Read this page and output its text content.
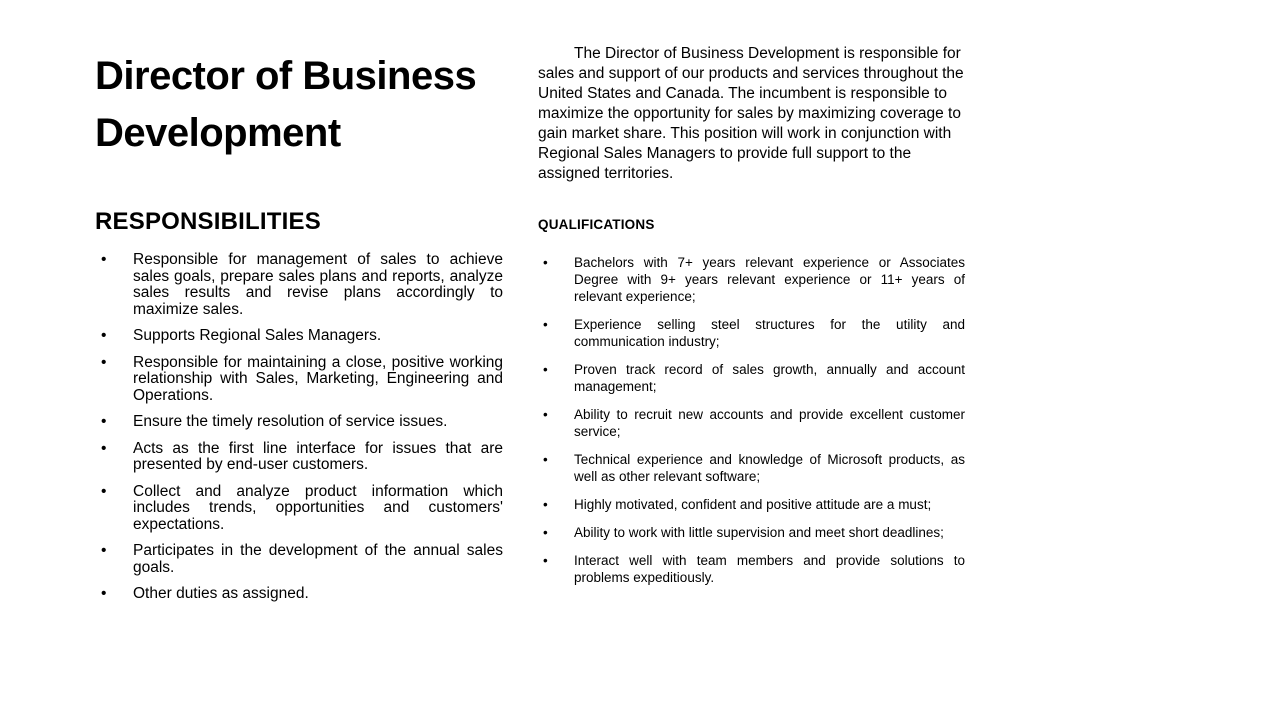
Director of Business Development
RESPONSIBILITIES
•	Responsible for management of sales to achieve sales goals, prepare sales plans and reports, analyze sales results and revise plans accordingly to maximize sales.
•	Supports Regional Sales Managers.
•	Responsible for maintaining a close, positive working relationship with Sales, Marketing, Engineering and Operations.
•	Ensure the timely resolution of service issues.
•	Acts as the first line interface for issues that are presented by end-user customers.
•	Collect and analyze product information which includes trends, opportunities and customers' expectations.
•	Participates in the development of the annual sales goals.
•	Other duties as assigned.

The Director of Business Development is responsible for sales and support of our products and services throughout the United States and Canada. The incumbent is responsible to maximize the opportunity for sales by maximizing coverage to gain market share. This position will work in conjunction with Regional Sales Managers to provide full support to the assigned territories.

QUALIFICATIONS
•	Bachelors with 7+ years relevant experience or Associates Degree with 9+ years relevant experience or 11+ years of relevant experience;
•	Experience selling steel structures for the utility and communication industry;
•	Proven track record of sales growth, annually and account management;
•	Ability to recruit new accounts and provide excellent customer service;
•	Technical experience and knowledge of Microsoft products, as well as other relevant software;
•	Highly motivated, confident and positive attitude are a must;
•	Ability to work with little supervision and meet short deadlines;
•	Interact well with team members and provide solutions to problems expeditiously.
